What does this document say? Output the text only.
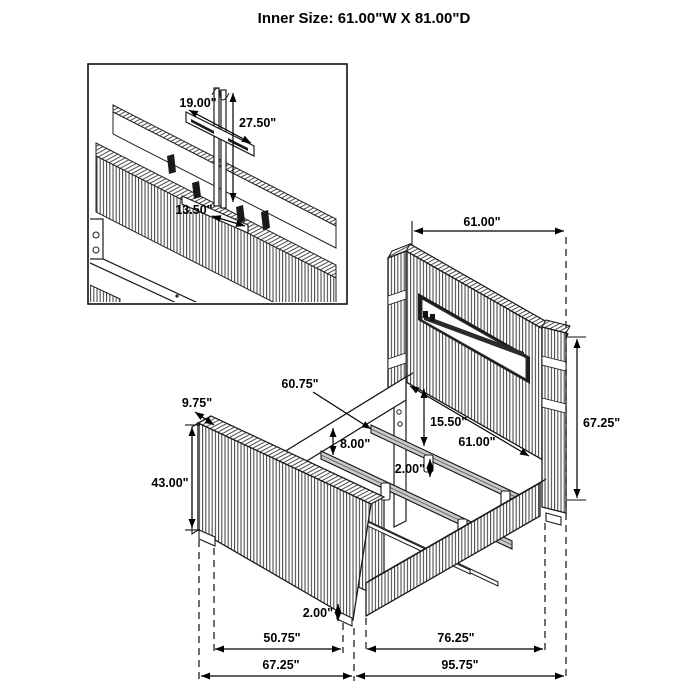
Inner Size: 61.00"W X 81.00"D
19.00"
27.50"
13.50"
61.00"
67.25"
60.75"
9.75"
43.00"
8.00"
15.50"
61.00"
2.00"
2.00"
50.75"	76.25"
67.25"	95.75"
